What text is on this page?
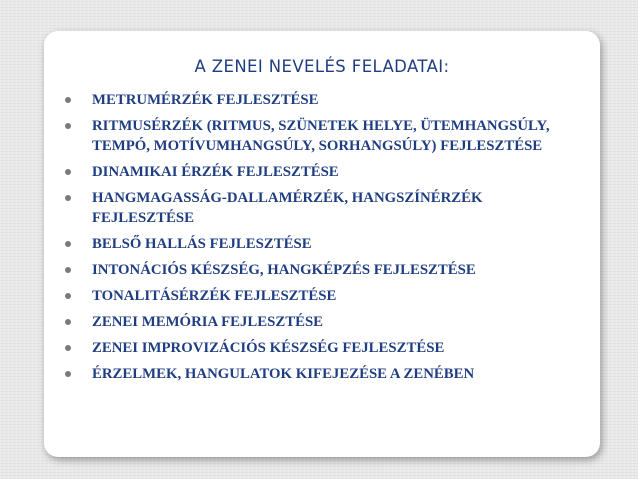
A ZENEI NEVELÉS FELADATAI:
METRUMÉRZÉK FEJLESZTÉSE
RITMUSÉRZÉK (RITMUS, SZÜNETEK HELYE, ÜTEMHANGSÚLY, TEMPÓ, MOTÍVUMHANGSÚLY, SORHANGSÚLY) FEJLESZTÉSE
DINAMIKAI ÉRZÉK FEJLESZTÉSE
HANGMAGASSÁG-DALLAMÉRZÉK, HANGSZÍNÉRZÉK FEJLESZTÉSE
BELSŐ HALLÁS FEJLESZTÉSE
INTONÁCIÓS KÉSZSÉG, HANGKÉPZÉS FEJLESZTÉSE
TONALITÁSÉRZÉK FEJLESZTÉSE
ZENEI MEMÓRIA FEJLESZTÉSE
ZENEI IMPROVIZÁCIÓS KÉSZSÉG FEJLESZTÉSE
ÉRZELMEK, HANGULATOK KIFEJEZÉSE A ZENÉBEN
